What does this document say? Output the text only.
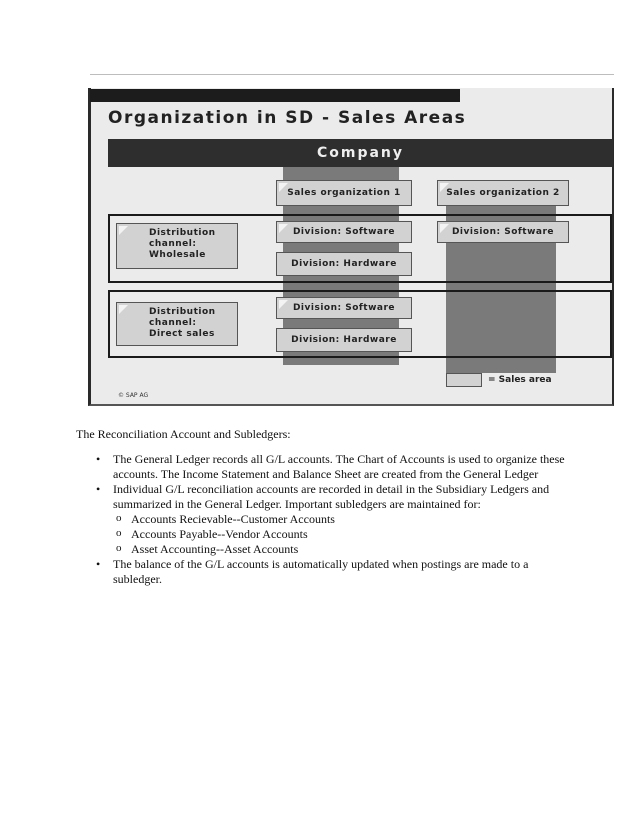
Organization in SD - Sales Areas
Company
Sales organization 1	Sales organization 2
Distribution
channel:
Wholesale
Distribution
channel:
Direct sales
Division: Software	Division: Software
Division: Hardware
Division: Software
Division: Hardware
= Sales area
© SAP AG
The Reconciliation Account and Subledgers:
• The General Ledger records all G/L accounts. The Chart of Accounts is used to organize these accounts. The Income Statement and Balance Sheet are created from the General Ledger
• Individual G/L reconciliation accounts are recorded in detail in the Subsidiary Ledgers and summarized in the General Ledger. Important subledgers are maintained for:
o Accounts Recievable--Customer Accounts
o Accounts Payable--Vendor Accounts
o Asset Accounting--Asset Accounts
• The balance of the G/L accounts is automatically updated when postings are made to a subledger.
